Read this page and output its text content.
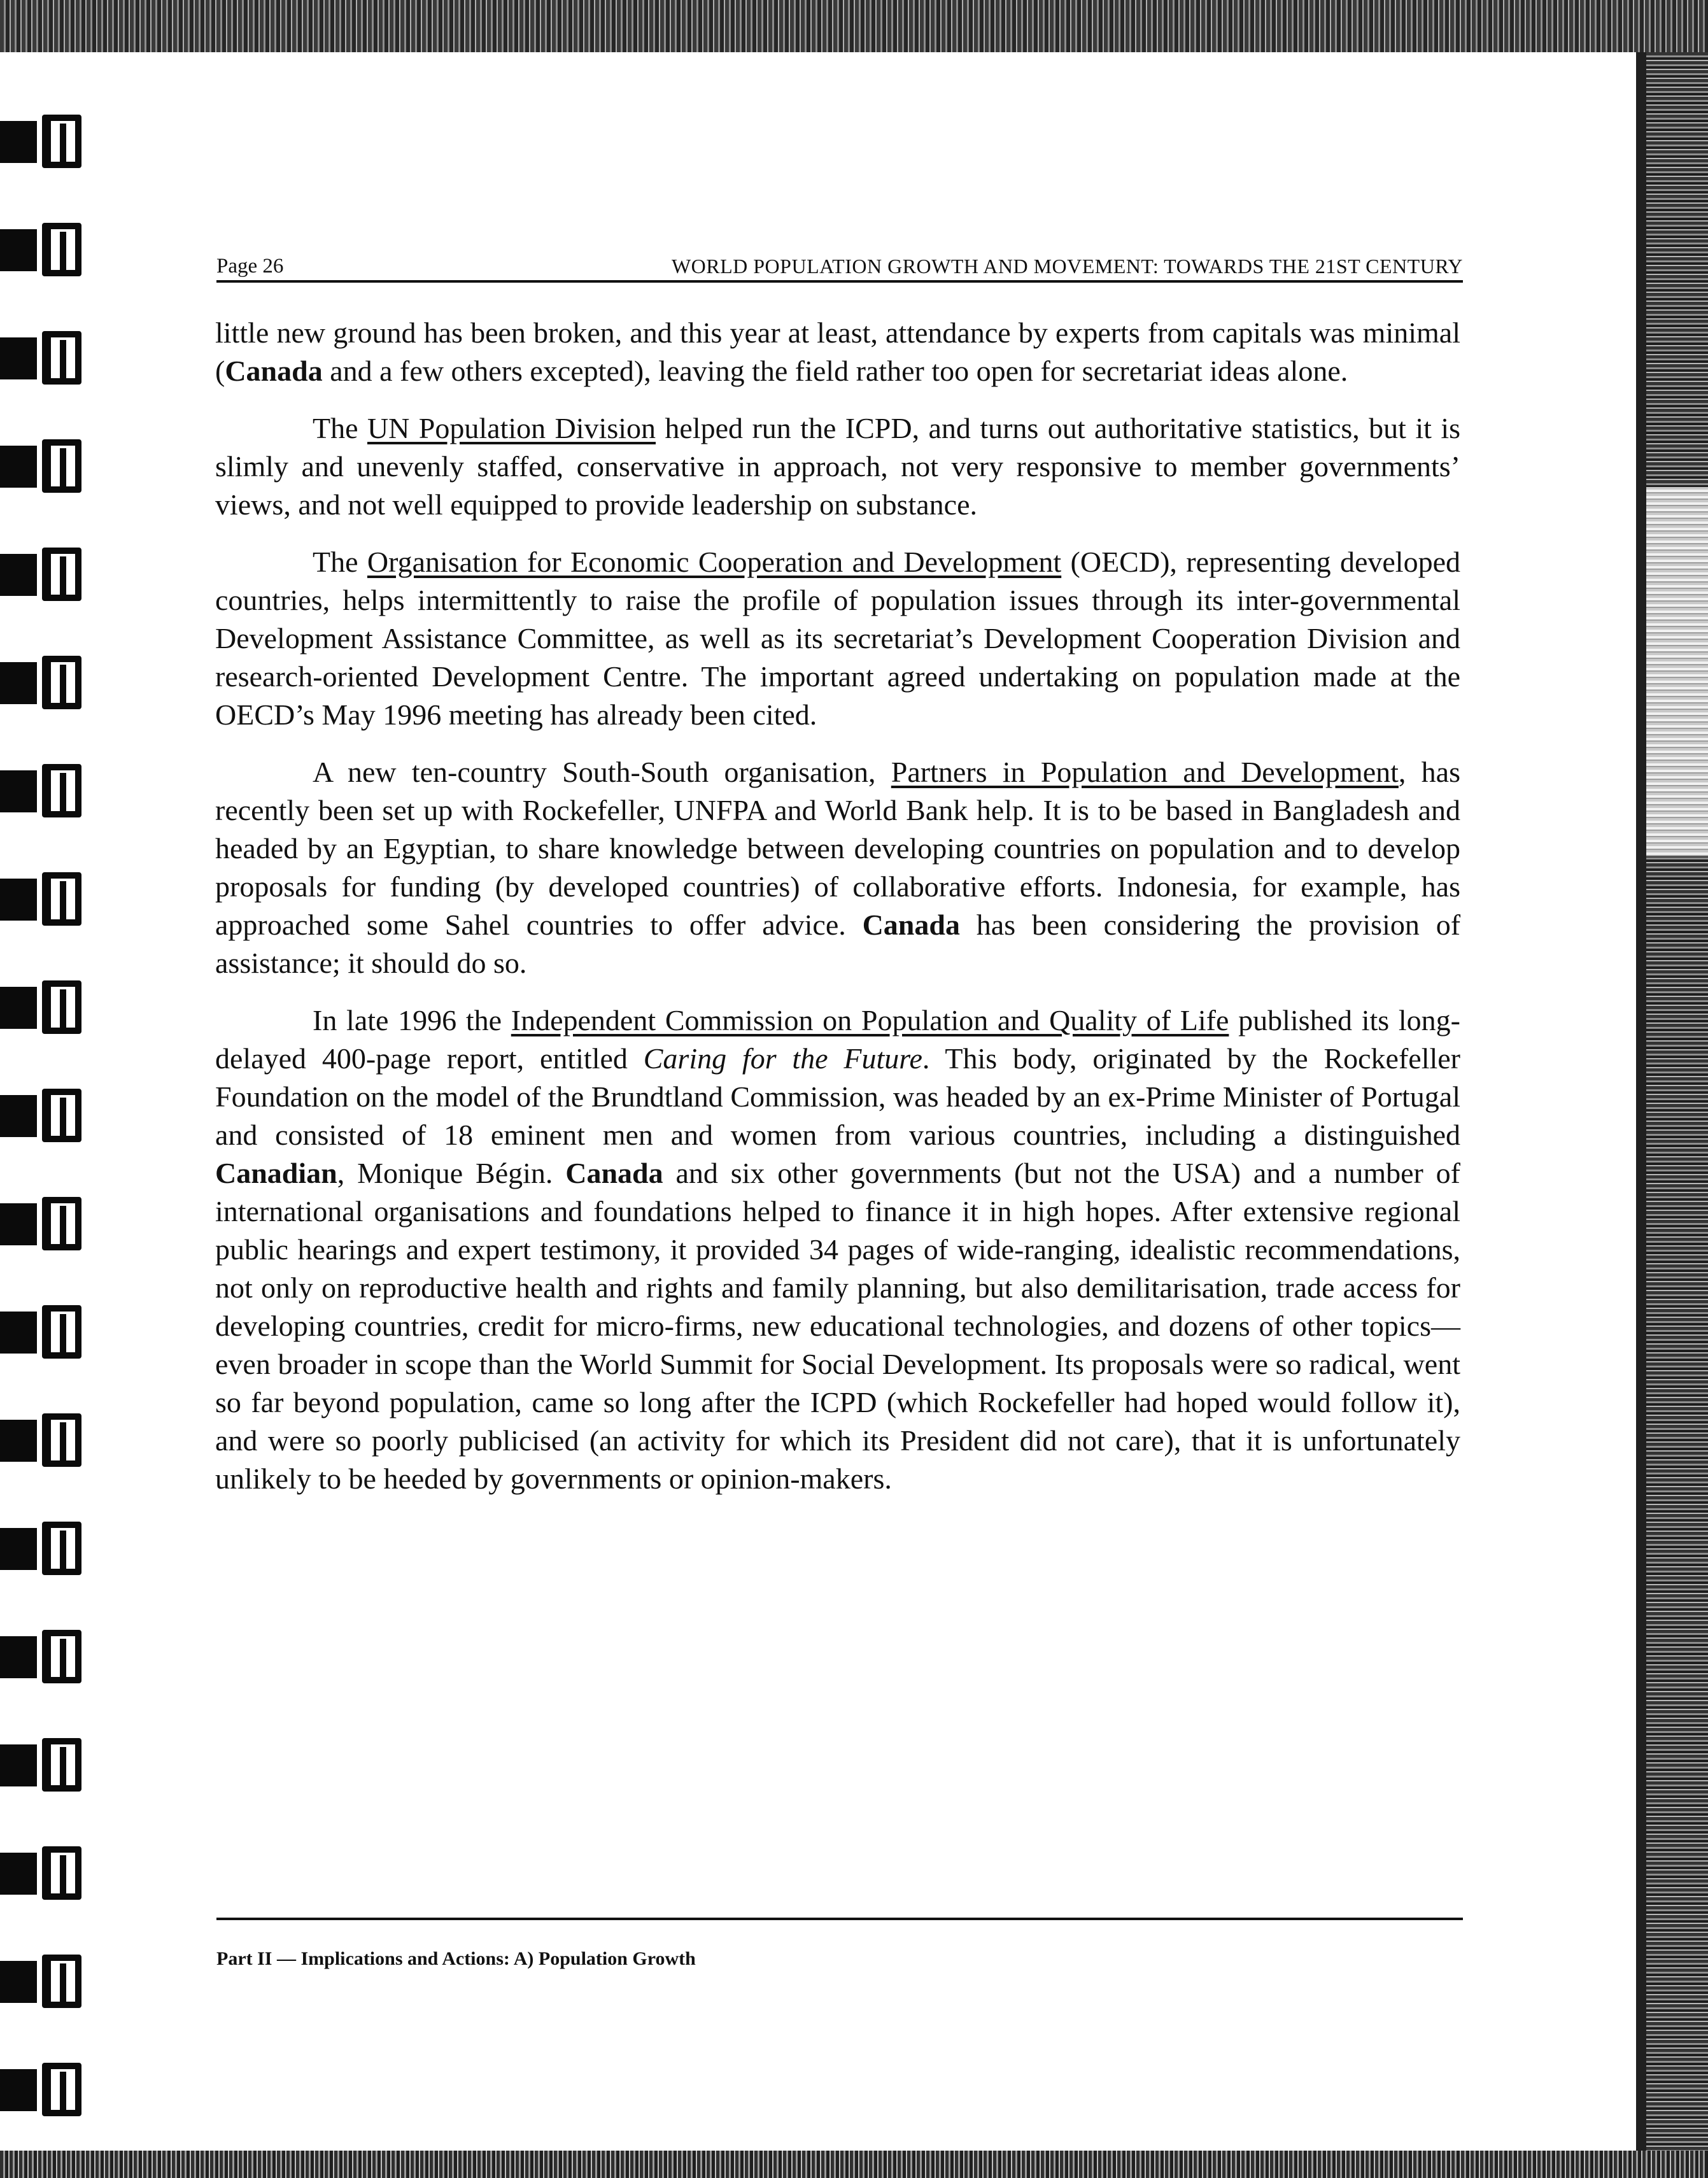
Page 26	WORLD POPULATION GROWTH AND MOVEMENT: TOWARDS THE 21ST CENTURY

little new ground has been broken, and this year at least, attendance by experts from capitals was minimal (Canada and a few others excepted), leaving the field rather too open for secretariat ideas alone.

The UN Population Division helped run the ICPD, and turns out authoritative statistics, but it is slimly and unevenly staffed, conservative in approach, not very responsive to member governments’ views, and not well equipped to provide leadership on substance.

The Organisation for Economic Cooperation and Development (OECD), representing developed countries, helps intermittently to raise the profile of population issues through its inter-governmental Development Assistance Committee, as well as its secretariat’s Development Cooperation Division and research-oriented Development Centre. The important agreed undertaking on population made at the OECD’s May 1996 meeting has already been cited.

A new ten-country South-South organisation, Partners in Population and Development, has recently been set up with Rockefeller, UNFPA and World Bank help. It is to be based in Bangladesh and headed by an Egyptian, to share knowledge between developing countries on population and to develop proposals for funding (by developed countries) of collaborative efforts. Indonesia, for example, has approached some Sahel countries to offer advice. Canada has been considering the provision of assistance; it should do so.

In late 1996 the Independent Commission on Population and Quality of Life published its long-delayed 400-page report, entitled Caring for the Future. This body, originated by the Rockefeller Foundation on the model of the Brundtland Commission, was headed by an ex-Prime Minister of Portugal and consisted of 18 eminent men and women from various countries, including a distinguished Canadian, Monique Bégin. Canada and six other governments (but not the USA) and a number of international organisations and foundations helped to finance it in high hopes. After extensive regional public hearings and expert testimony, it provided 34 pages of wide-ranging, idealistic recommendations, not only on reproductive health and rights and family planning, but also demilitarisation, trade access for developing countries, credit for micro-firms, new educational technologies, and dozens of other topics—even broader in scope than the World Summit for Social Development. Its proposals were so radical, went so far beyond population, came so long after the ICPD (which Rockefeller had hoped would follow it), and were so poorly publicised (an activity for which its President did not care), that it is unfortunately unlikely to be heeded by governments or opinion-makers.

Part II — Implications and Actions: A) Population Growth
